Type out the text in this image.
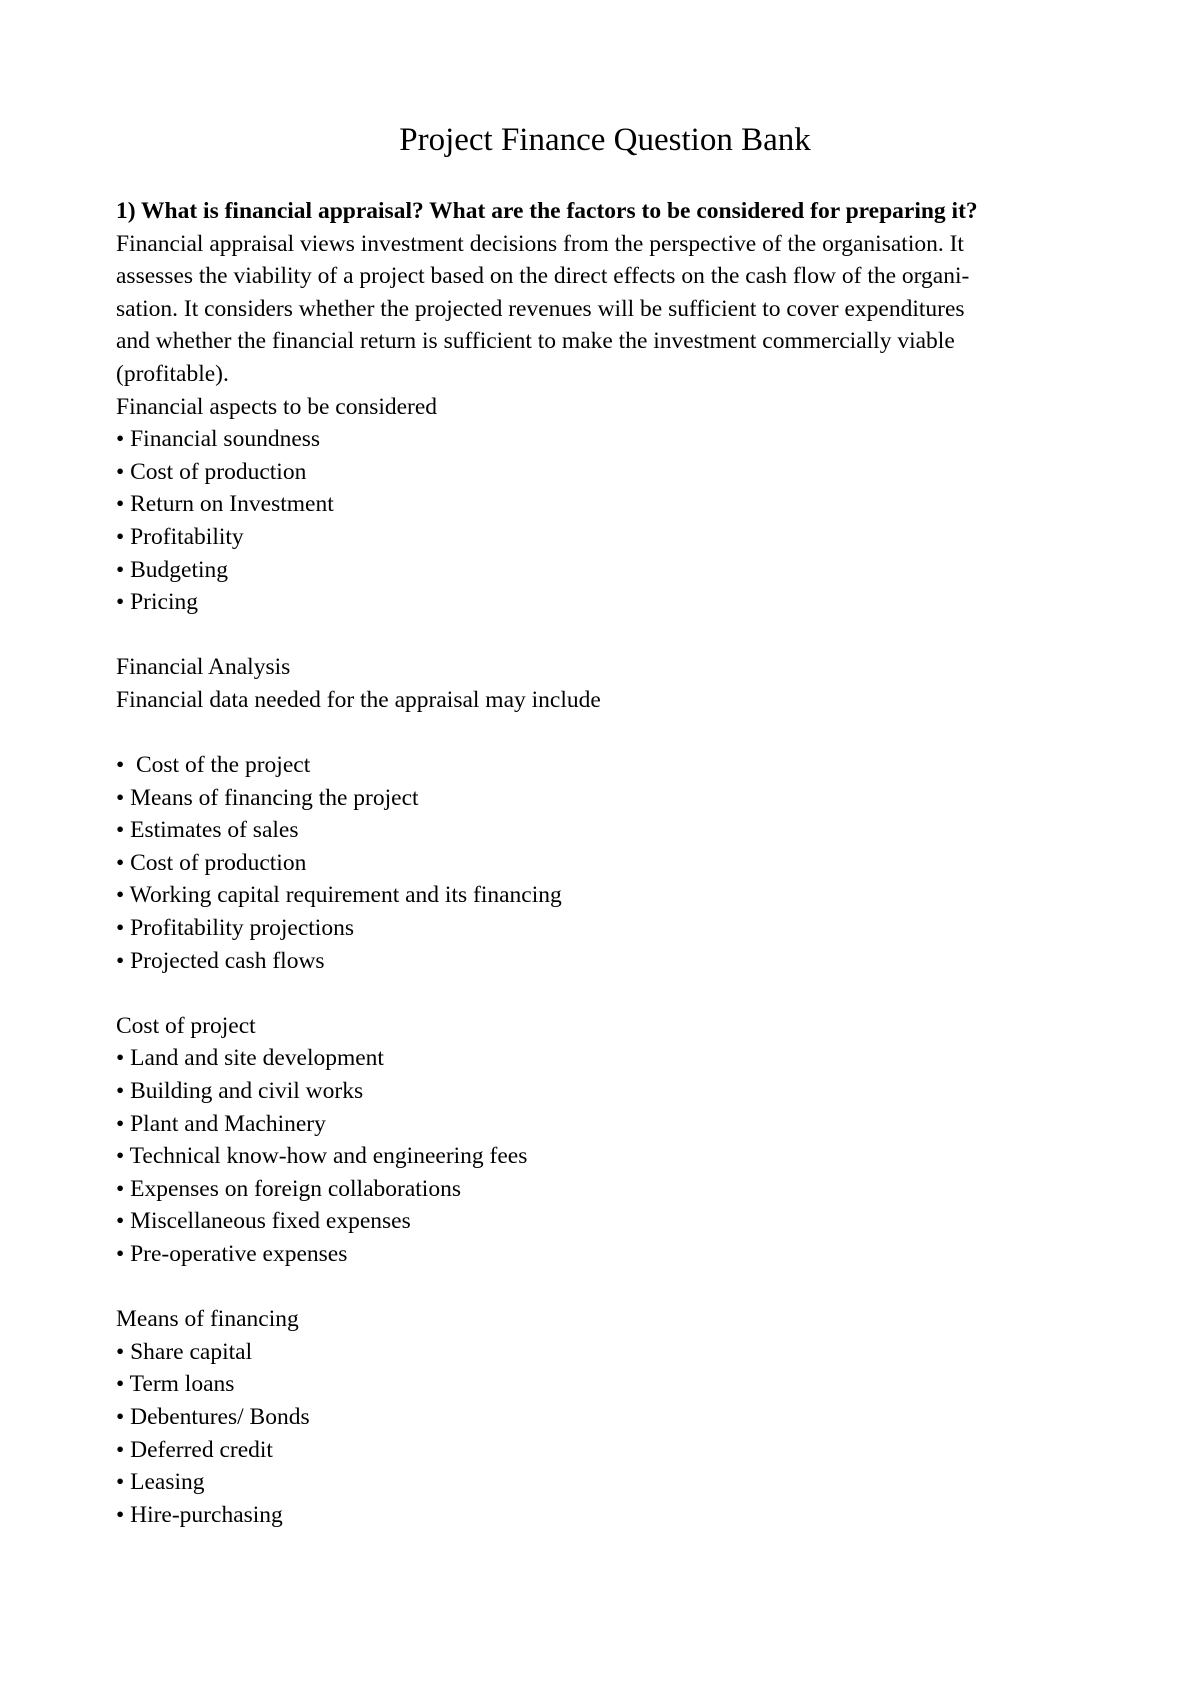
Project Finance Question Bank
1) What is financial appraisal? What are the factors to be considered for preparing it?
Financial appraisal views investment decisions from the perspective of the organisation. It
assesses the viability of a project based on the direct effects on the cash flow of the organi-
sation. It considers whether the projected revenues will be sufficient to cover expenditures
and whether the financial return is sufficient to make the investment commercially viable
(profitable).
Financial aspects to be considered
• Financial soundness
• Cost of production
• Return on Investment
• Profitability
• Budgeting
• Pricing
Financial Analysis
Financial data needed for the appraisal may include
•  Cost of the project
• Means of financing the project
• Estimates of sales
• Cost of production
• Working capital requirement and its financing
• Profitability projections
• Projected cash flows
Cost of project
• Land and site development
• Building and civil works
• Plant and Machinery
• Technical know-how and engineering fees
• Expenses on foreign collaborations
• Miscellaneous fixed expenses
• Pre-operative expenses
Means of financing
• Share capital
• Term loans
• Debentures/ Bonds
• Deferred credit
• Leasing
• Hire-purchasing
